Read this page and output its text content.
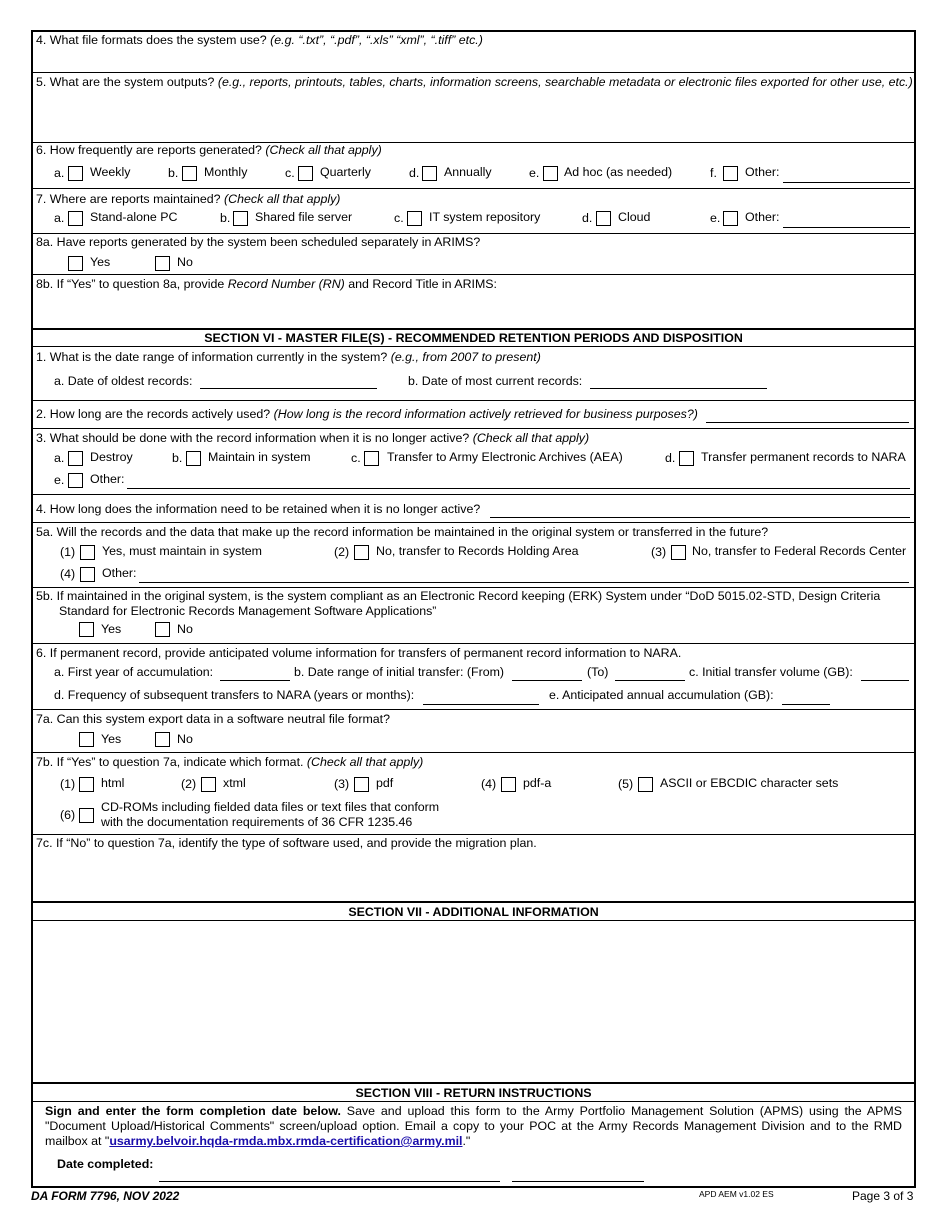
4. What file formats does the system use? (e.g. “.txt”, “.pdf”, “.xls” “xml”, “.tiff” etc.)
5. What are the system outputs? (e.g., reports, printouts, tables, charts, information screens, searchable metadata or electronic files exported for other use, etc.)
6. How frequently are reports generated? (Check all that apply)
a. Weekly	b. Monthly	c. Quarterly	d. Annually	e. Ad hoc (as needed)	f. Other:
7. Where are reports maintained? (Check all that apply)
a. Stand-alone PC	b. Shared file server	c. IT system repository	d. Cloud	e. Other:
8a. Have reports generated by the system been scheduled separately in ARIMS?
Yes	No
8b. If “Yes” to question 8a, provide Record Number (RN) and Record Title in ARIMS:
SECTION VI - MASTER FILE(S) - RECOMMENDED RETENTION PERIODS AND DISPOSITION
1. What is the date range of information currently in the system? (e.g., from 2007 to present)
a. Date of oldest records:	b. Date of most current records:
2. How long are the records actively used? (How long is the record information actively retrieved for business purposes?)
3. What should be done with the record information when it is no longer active? (Check all that apply)
a. Destroy	b. Maintain in system	c. Transfer to Army Electronic Archives (AEA)	d. Transfer permanent records to NARA
e. Other:
4. How long does the information need to be retained when it is no longer active?
5a. Will the records and the data that make up the record information be maintained in the original system or transferred in the future?
(1) Yes, must maintain in system	(2) No, transfer to Records Holding Area	(3) No, transfer to Federal Records Center
(4) Other:
5b. If maintained in the original system, is the system compliant as an Electronic Record keeping (ERK) System under “DoD 5015.02-STD, Design Criteria
Standard for Electronic Records Management Software Applications”
Yes	No
6. If permanent record, provide anticipated volume information for transfers of permanent record information to NARA.
a. First year of accumulation:	b. Date range of initial transfer: (From)	(To)	c. Initial transfer volume (GB):
d. Frequency of subsequent transfers to NARA (years or months):	e. Anticipated annual accumulation (GB):
7a. Can this system export data in a software neutral file format?
Yes	No
7b. If “Yes” to question 7a, indicate which format. (Check all that apply)
(1) html	(2) xtml	(3) pdf	(4) pdf-a	(5) ASCII or EBCDIC character sets
(6)
CD-ROMs including fielded data files or text files that conform
with the documentation requirements of 36 CFR 1235.46
7c. If “No” to question 7a, identify the type of software used, and provide the migration plan.
SECTION VII - ADDITIONAL INFORMATION
SECTION VIII - RETURN INSTRUCTIONS
Sign and enter the form completion date below. Save and upload this form to the Army Portfolio Management Solution (APMS) using the APMS "Document Upload/Historical Comments" screen/upload option. Email a copy to your POC at the Army Records Management Division and to the RMD mailbox at "usarmy.belvoir.hqda-rmda.mbx.rmda-certification@army.mil."
Date completed:
DA FORM 7796, NOV 2022	APD AEM v1.02 ES	Page 3 of 3
